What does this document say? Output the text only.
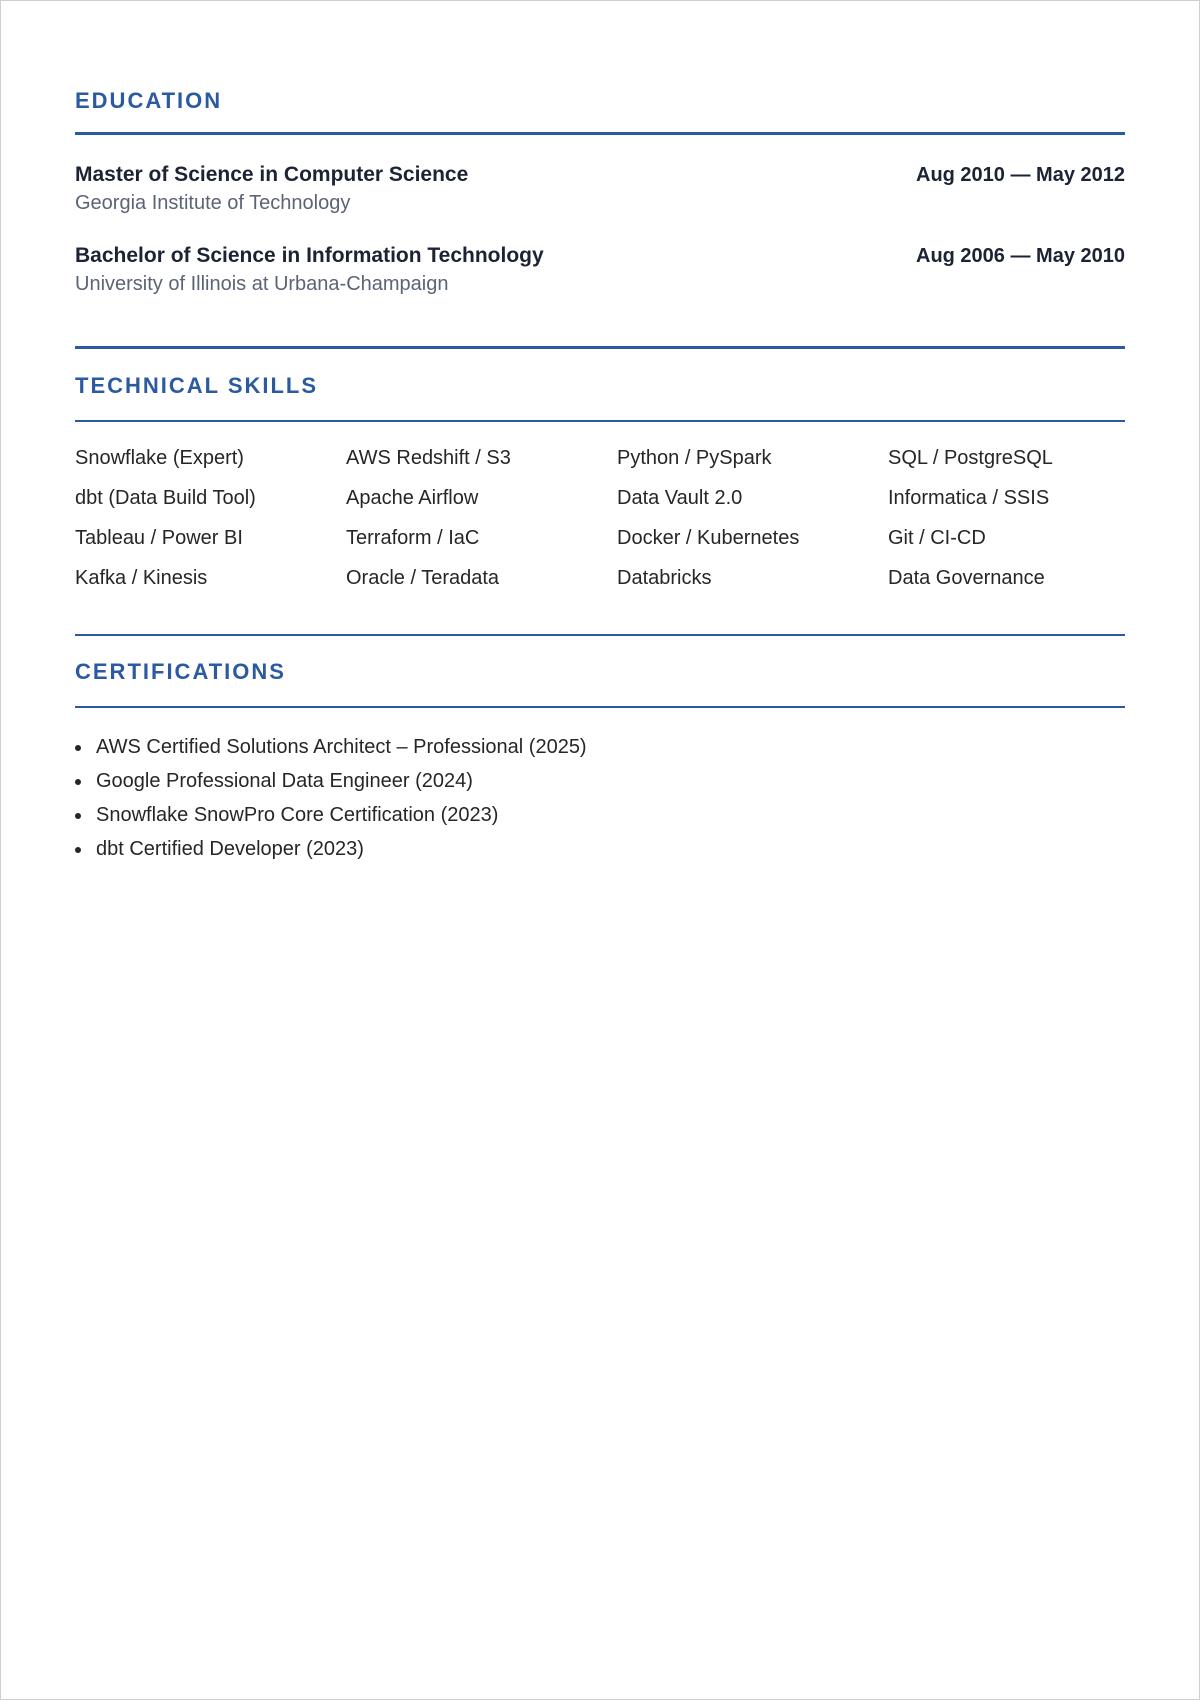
EDUCATION
Master of Science in Computer Science
Georgia Institute of Technology
Aug 2010 — May 2012
Bachelor of Science in Information Technology
University of Illinois at Urbana-Champaign
Aug 2006 — May 2010
TECHNICAL SKILLS
Snowflake (Expert)	AWS Redshift / S3	Python / PySpark	SQL / PostgreSQL
dbt (Data Build Tool)	Apache Airflow	Data Vault 2.0	Informatica / SSIS
Tableau / Power BI	Terraform / IaC	Docker / Kubernetes	Git / CI-CD
Kafka / Kinesis	Oracle / Teradata	Databricks	Data Governance
CERTIFICATIONS
AWS Certified Solutions Architect – Professional (2025)
Google Professional Data Engineer (2024)
Snowflake SnowPro Core Certification (2023)
dbt Certified Developer (2023)
